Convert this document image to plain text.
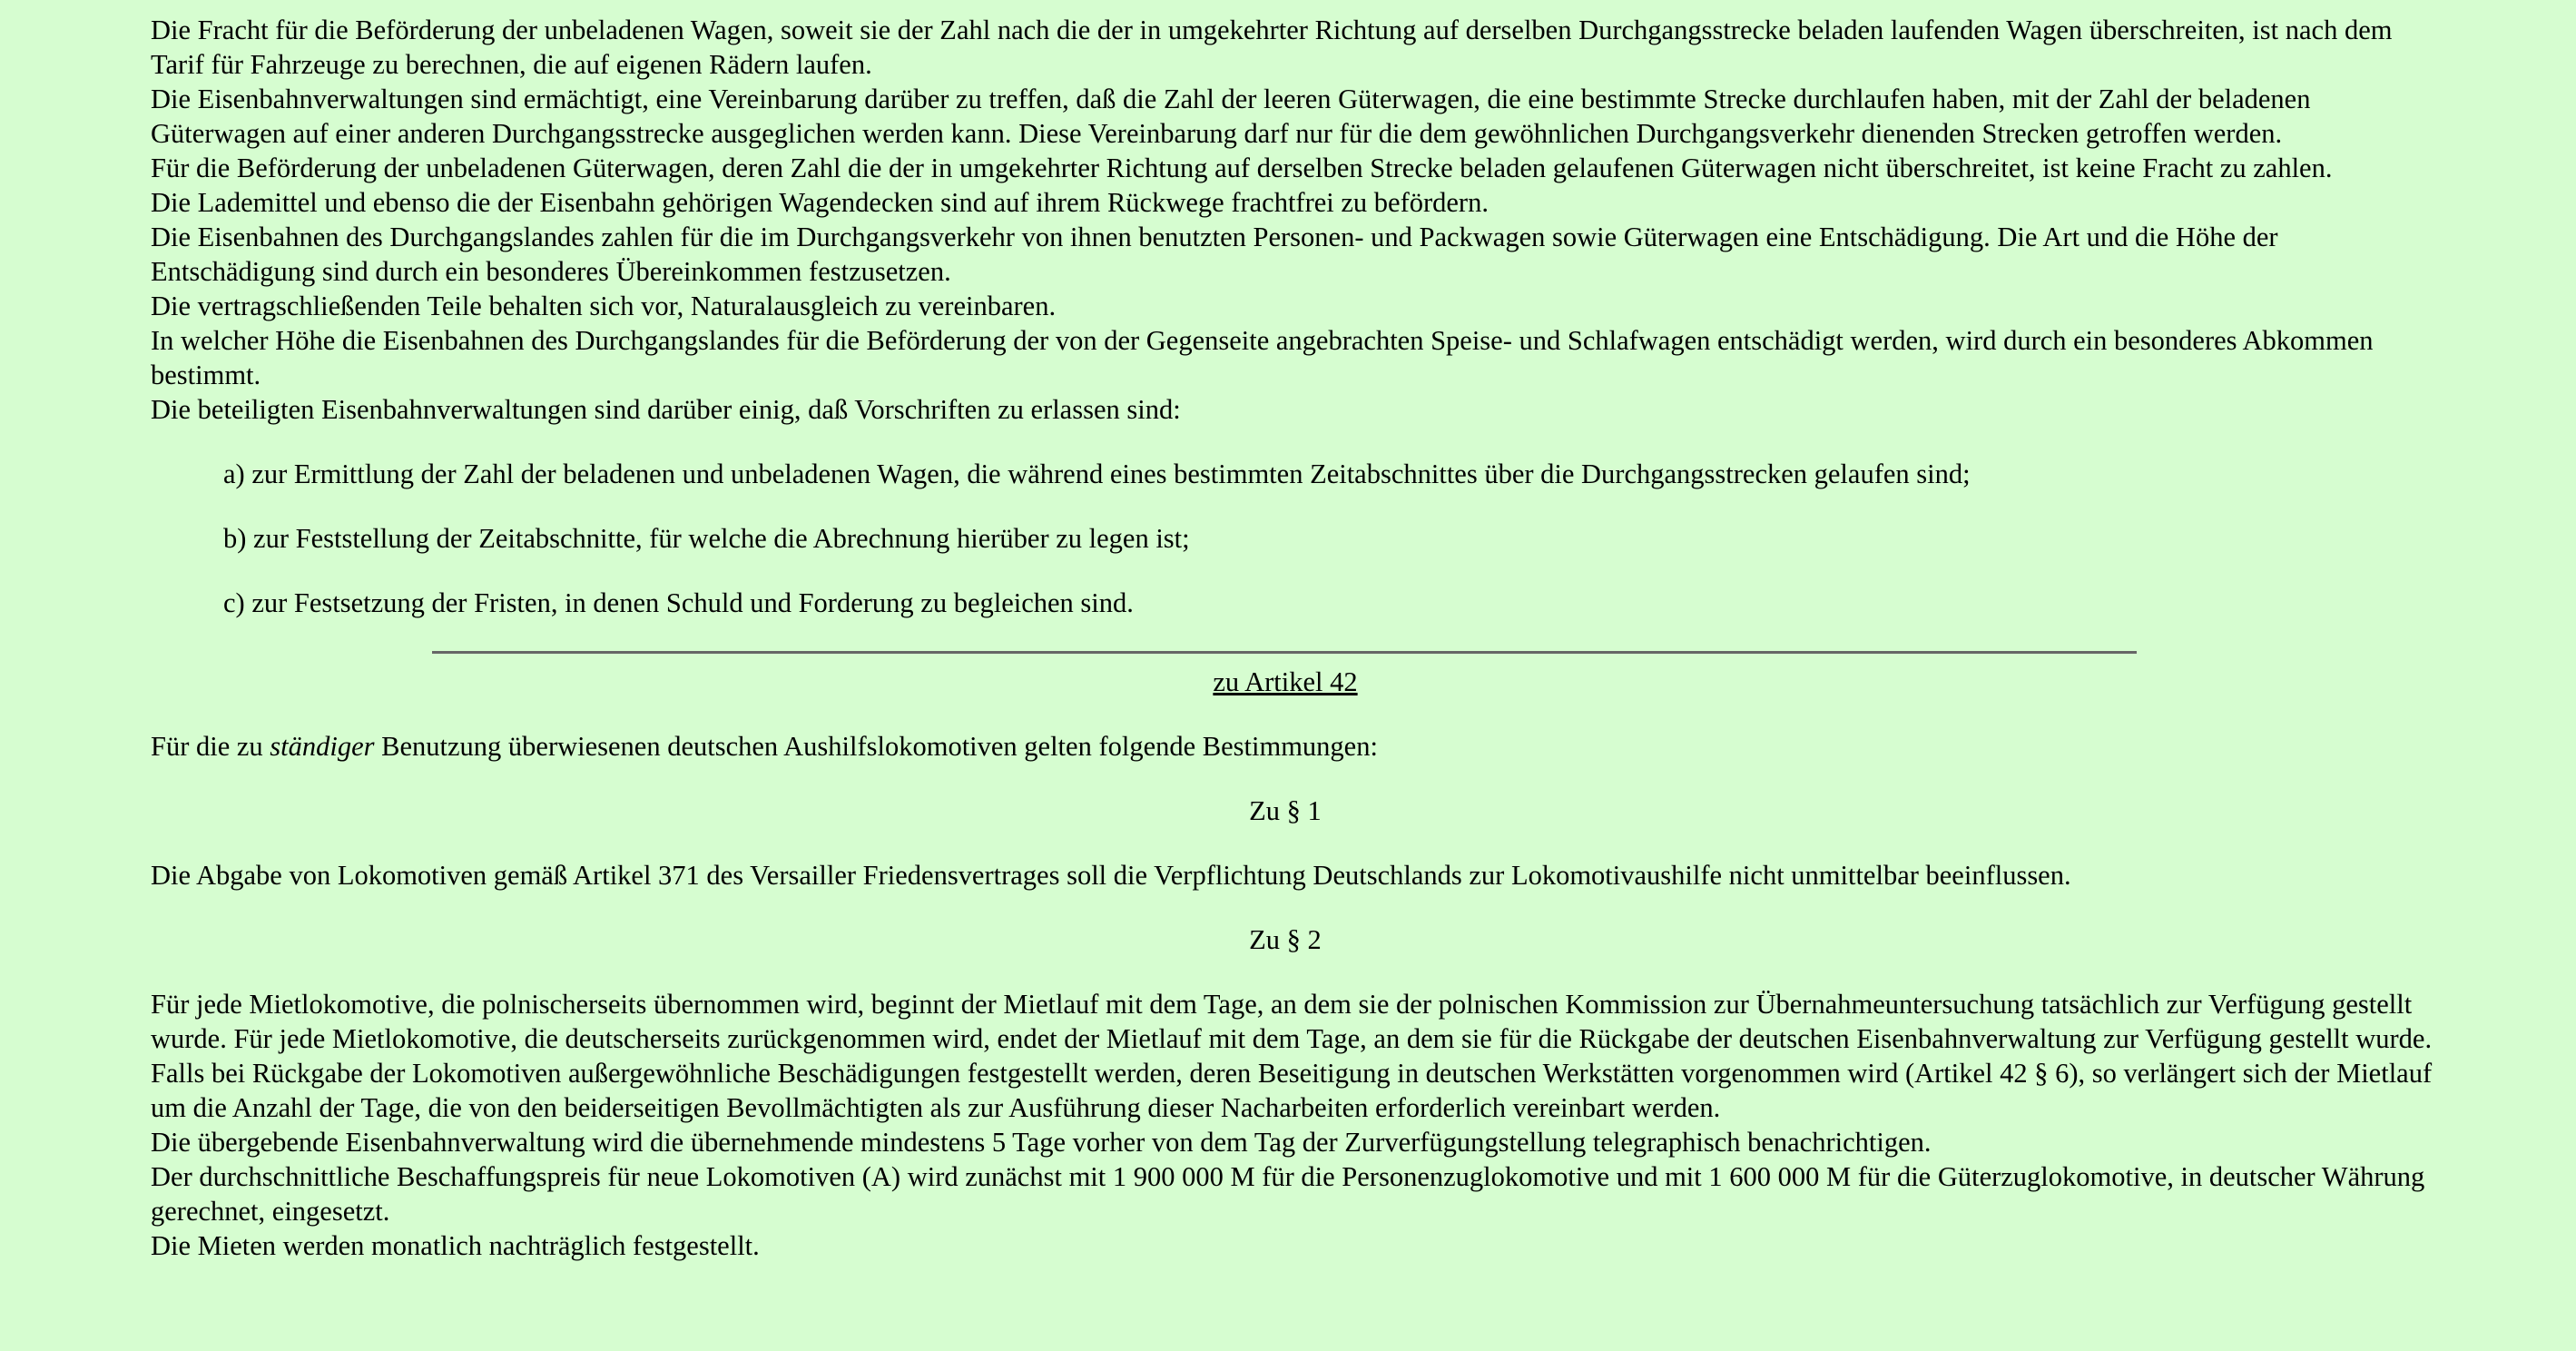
Die Fracht für die Beförderung der unbeladenen Wagen, soweit sie der Zahl nach die der in umgekehrter Richtung auf derselben Durchgangsstrecke beladen laufenden Wagen überschreiten, ist nach dem Tarif für Fahrzeuge zu berechnen, die auf eigenen Rädern laufen.

Die Eisenbahnverwaltungen sind ermächtigt, eine Vereinbarung darüber zu treffen, daß die Zahl der leeren Güterwagen, die eine bestimmte Strecke durchlaufen haben, mit der Zahl der beladenen Güterwagen auf einer anderen Durchgangsstrecke ausgeglichen werden kann. Diese Vereinbarung darf nur für die dem gewöhnlichen Durchgangsverkehr dienenden Strecken getroffen werden.

Für die Beförderung der unbeladenen Güterwagen, deren Zahl die der in umgekehrter Richtung auf derselben Strecke beladen gelaufenen Güterwagen nicht überschreitet, ist keine Fracht zu zahlen.

Die Lademittel und ebenso die der Eisenbahn gehörigen Wagendecken sind auf ihrem Rückwege frachtfrei zu befördern.

Die Eisenbahnen des Durchgangslandes zahlen für die im Durchgangsverkehr von ihnen benutzten Personen- und Packwagen sowie Güterwagen eine Entschädigung. Die Art und die Höhe der Entschädigung sind durch ein besonderes Übereinkommen festzusetzen.

Die vertragschließenden Teile behalten sich vor, Naturalausgleich zu vereinbaren.

In welcher Höhe die Eisenbahnen des Durchgangslandes für die Beförderung der von der Gegenseite angebrachten Speise- und Schlafwagen entschädigt werden, wird durch ein besonderes Abkommen bestimmt.

Die beteiligten Eisenbahnverwaltungen sind darüber einig, daß Vorschriften zu erlassen sind:

a) zur Ermittlung der Zahl der beladenen und unbeladenen Wagen, die während eines bestimmten Zeitabschnittes über die Durchgangsstrecken gelaufen sind;
b) zur Feststellung der Zeitabschnitte, für welche die Abrechnung hierüber zu legen ist;
c) zur Festsetzung der Fristen, in denen Schuld und Forderung zu begleichen sind.

zu Artikel 42

Für die zu ständiger Benutzung überwiesenen deutschen Aushilfslokomotiven gelten folgende Bestimmungen:

Zu § 1

Die Abgabe von Lokomotiven gemäß Artikel 371 des Versailler Friedensvertrages soll die Verpflichtung Deutschlands zur Lokomotivaushilfe nicht unmittelbar beeinflussen.

Zu § 2

Für jede Mietlokomotive, die polnischerseits übernommen wird, beginnt der Mietlauf mit dem Tage, an dem sie der polnischen Kommission zur Übernahmeuntersuchung tatsächlich zur Verfügung gestellt wurde. Für jede Mietlokomotive, die deutscherseits zurückgenommen wird, endet der Mietlauf mit dem Tage, an dem sie für die Rückgabe der deutschen Eisenbahnverwaltung zur Verfügung gestellt wurde.

Falls bei Rückgabe der Lokomotiven außergewöhnliche Beschädigungen festgestellt werden, deren Beseitigung in deutschen Werkstätten vorgenommen wird (Artikel 42 § 6), so verlängert sich der Mietlauf um die Anzahl der Tage, die von den beiderseitigen Bevollmächtigten als zur Ausführung dieser Nacharbeiten erforderlich vereinbart werden.

Die übergebende Eisenbahnverwaltung wird die übernehmende mindestens 5 Tage vorher von dem Tag der Zurverfügungstellung telegraphisch benachrichtigen.

Der durchschnittliche Beschaffungspreis für neue Lokomotiven (A) wird zunächst mit 1 900 000 M für die Personenzuglokomotive und mit 1 600 000 M für die Güterzuglokomotive, in deutscher Währung gerechnet, eingesetzt.

Die Mieten werden monatlich nachträglich festgestellt.
